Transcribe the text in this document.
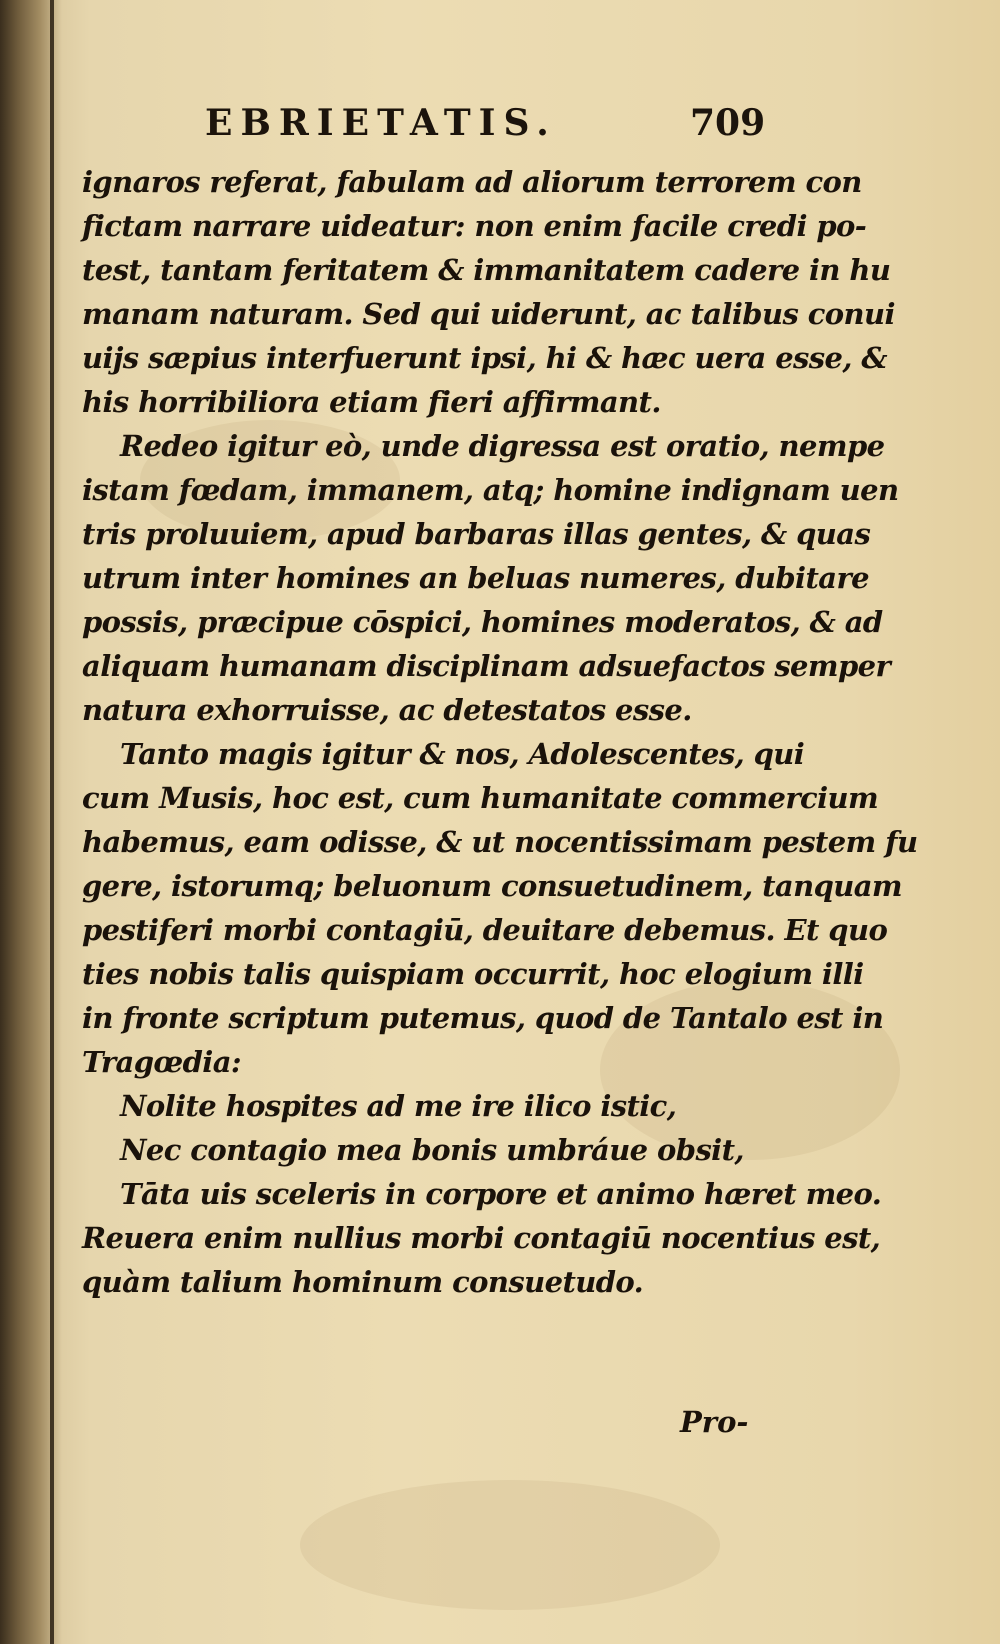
EBRIETATIS.	709
ignaros referat, fabulam ad aliorum terrorem con
fictam narrare uideatur: non enim facile credi po-
test, tantam feritatem & immanitatem cadere in hu
manam naturam. Sed qui uiderunt, ac talibus conui
uijs sæpius interfuerunt ipsi, hi & hæc uera esse, &
his horribiliora etiam fieri affirmant.
Redeo igitur eò, unde digressa est oratio, nempe
istam fœdam, immanem, atq; homine indignam uen
tris proluuiem, apud barbaras illas gentes, & quas
utrum inter homines an beluas numeres, dubitare
possis, præcipue cōspici, homines moderatos, & ad
aliquam humanam disciplinam adsuefactos semper
natura exhorruisse, ac detestatos esse.
Tanto magis igitur & nos, Adolescentes, qui
cum Musis, hoc est, cum humanitate commercium
habemus, eam odisse, & ut nocentissimam pestem fu
gere, istorumq; beluonum consuetudinem, tanquam
pestiferi morbi contagiū, deuitare debemus. Et quo
ties nobis talis quispiam occurrit, hoc elogium illi
in fronte scriptum putemus, quod de Tantalo est in
Tragœdia:
Nolite hospites ad me ire ilico istic,
Nec contagio mea bonis umbráue obsit,
Tāta uis sceleris in corpore et animo hæret meo.
Reuera enim nullius morbi contagiū nocentius est,
quàm talium hominum consuetudo.
Pro-
